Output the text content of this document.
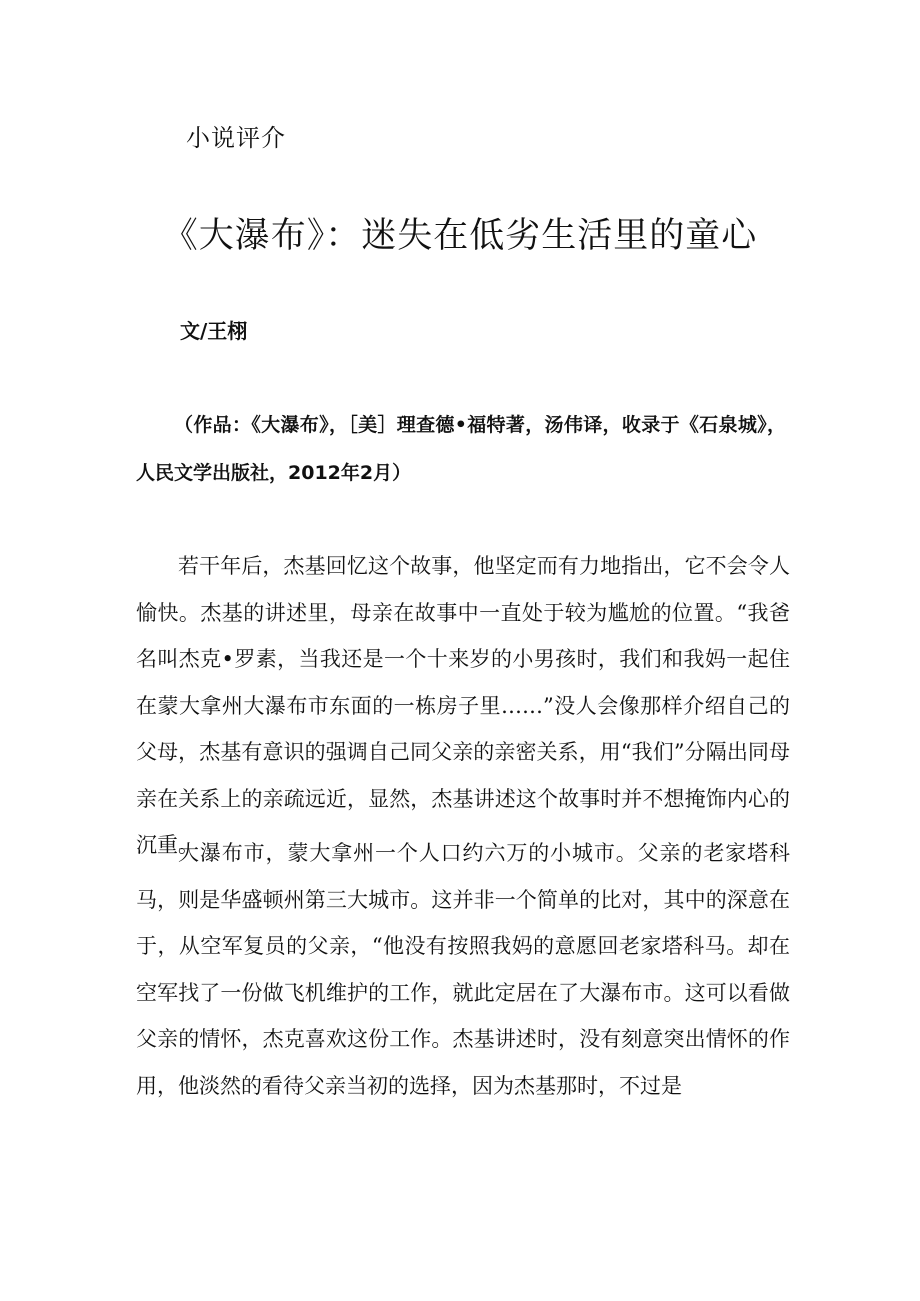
小说评介

《大瀑布》：迷失在低劣生活里的童心

文/王栩

（作品：《大瀑布》，［美］理查德•福特著，汤伟译，收录于《石泉城》，人民文学出版社，2012年2月）

若干年后，杰基回忆这个故事，他坚定而有力地指出，它不会令人愉快。杰基的讲述里，母亲在故事中一直处于较为尴尬的位置。“我爸名叫杰克•罗素，当我还是一个十来岁的小男孩时，我们和我妈一起住在蒙大拿州大瀑布市东面的一栋房子里……”没人会像那样介绍自己的父母，杰基有意识的强调自己同父亲的亲密关系，用“我们”分隔出同母亲在关系上的亲疏远近，显然，杰基讲述这个故事时并不想掩饰内心的沉重。

大瀑布市，蒙大拿州一个人口约六万的小城市。父亲的老家塔科马，则是华盛顿州第三大城市。这并非一个简单的比对，其中的深意在于，从空军复员的父亲，“他没有按照我妈的意愿回老家塔科马。却在空军找了一份做飞机维护的工作，就此定居在了大瀑布市。这可以看做父亲的情怀，杰克喜欢这份工作。杰基讲述时，没有刻意突出情怀的作用，他淡然的看待父亲当初的选择，因为杰基那时，不过是
